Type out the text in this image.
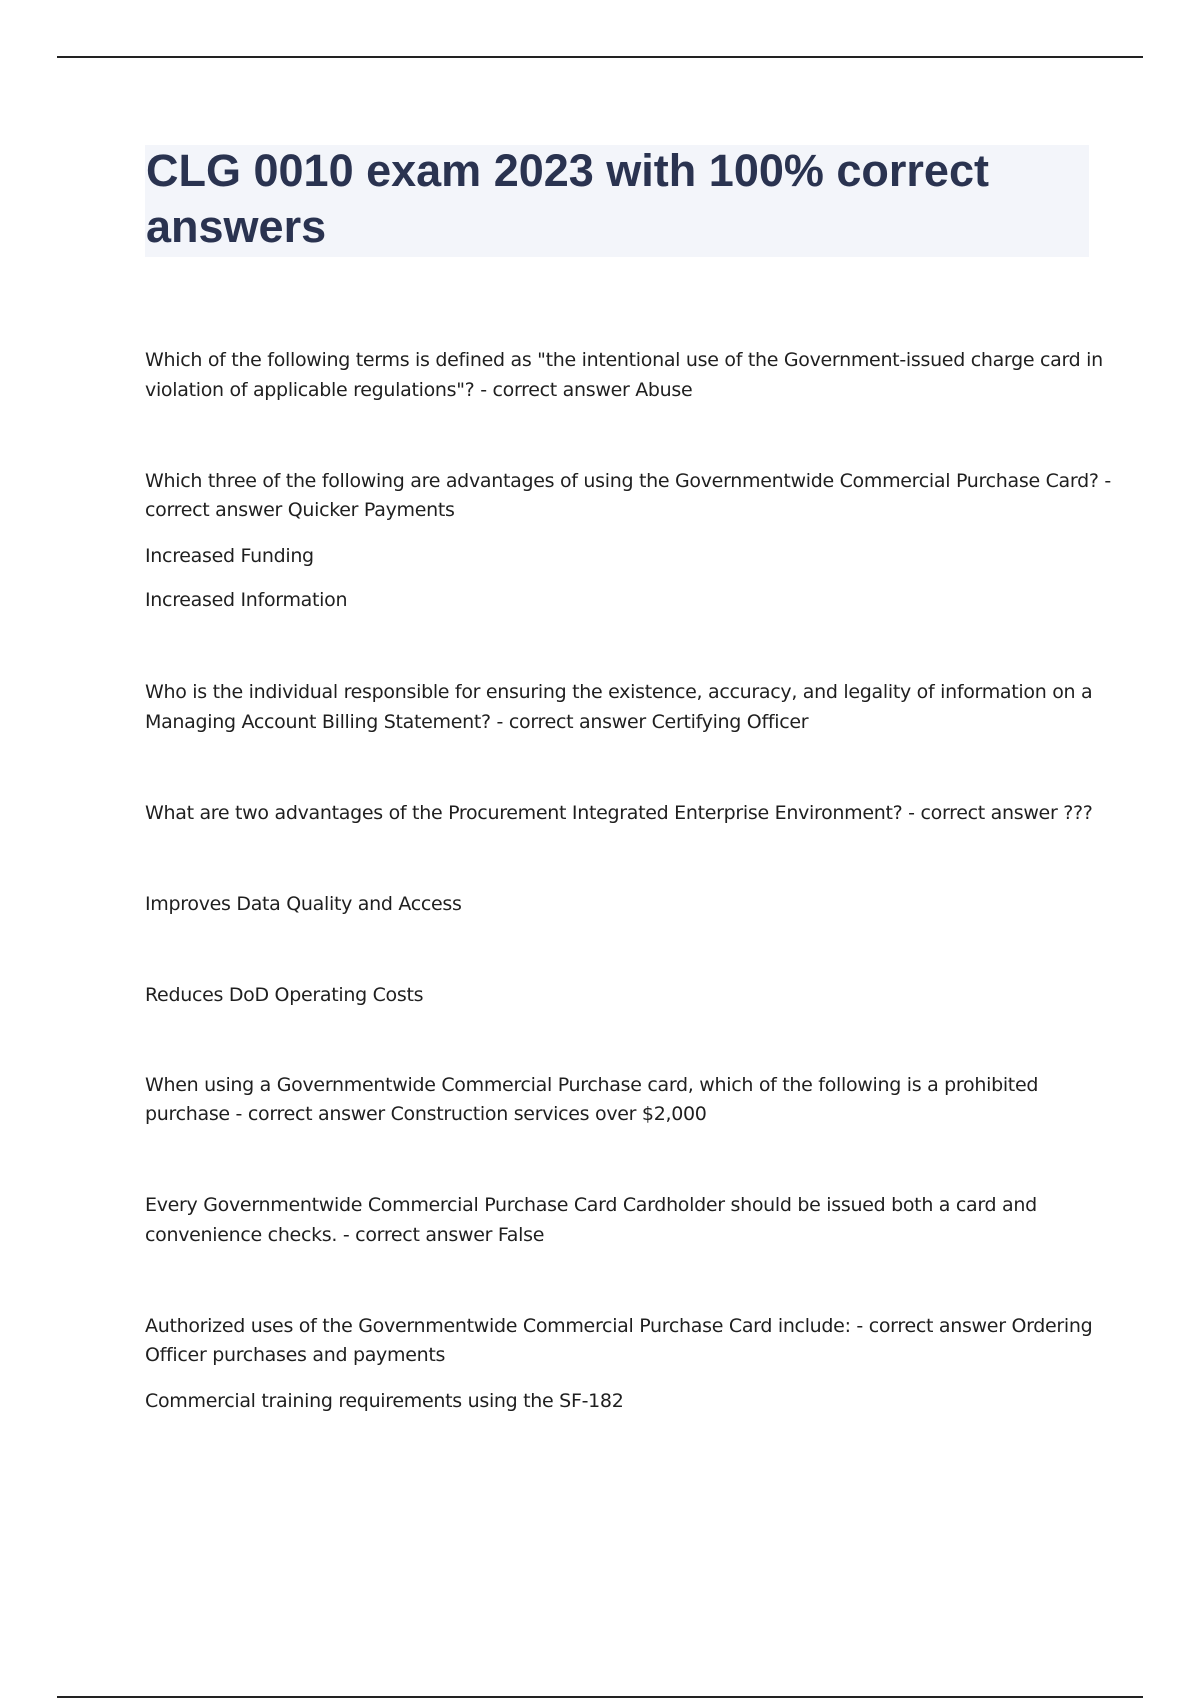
CLG 0010 exam 2023 with 100% correct answers
Which of the following terms is defined as "the intentional use of the Government-issued charge card in
violation of applicable regulations"? - correct answer Abuse
Which three of the following are advantages of using the Governmentwide Commercial Purchase Card? -
correct answer Quicker Payments
Increased Funding
Increased Information
Who is the individual responsible for ensuring the existence, accuracy, and legality of information on a
Managing Account Billing Statement? - correct answer Certifying Officer
What are two advantages of the Procurement Integrated Enterprise Environment? - correct answer ???
Improves Data Quality and Access
Reduces DoD Operating Costs
When using a Governmentwide Commercial Purchase card, which of the following is a prohibited
purchase - correct answer Construction services over $2,000
Every Governmentwide Commercial Purchase Card Cardholder should be issued both a card and
convenience checks. - correct answer False
Authorized uses of the Governmentwide Commercial Purchase Card include: - correct answer Ordering
Officer purchases and payments
Commercial training requirements using the SF-182
